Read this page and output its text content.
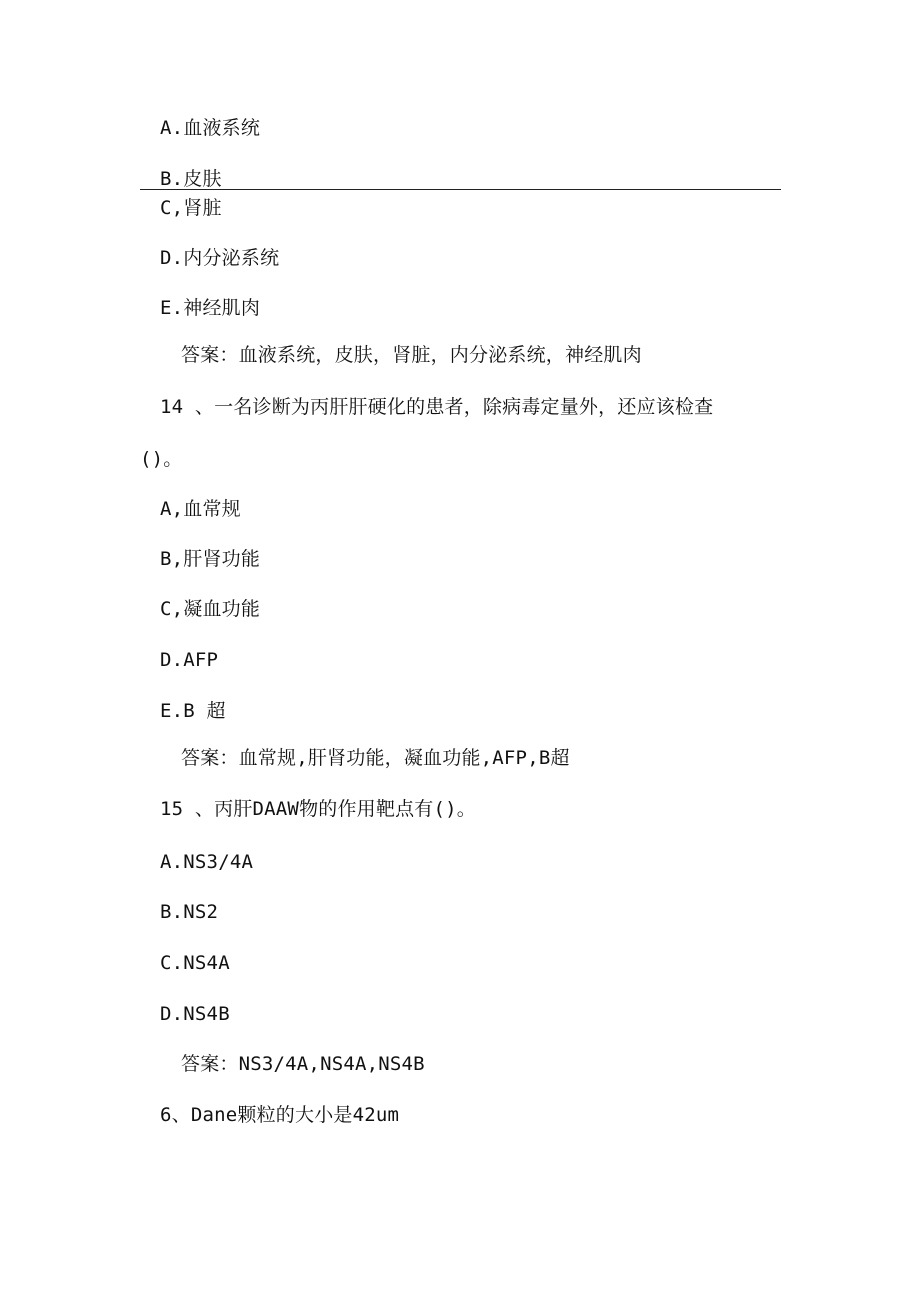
A.血液系统
B.皮肤
C,肾脏
D.内分泌系统
E.神经肌肉
答案：血液系统，皮肤，肾脏，内分泌系统，神经肌肉
14 、一名诊断为丙肝肝硬化的患者，除病毒定量外，还应该检查
()。
A,血常规
B,肝肾功能
C,凝血功能
D.AFP
E.B 超
答案：血常规,肝肾功能，凝血功能,AFP,B超
15 、丙肝DAAW物的作用靶点有()。
A.NS3/4A
B.NS2
C.NS4A
D.NS4B
答案：NS3/4A,NS4A,NS4B
6、Dane颗粒的大小是42um
